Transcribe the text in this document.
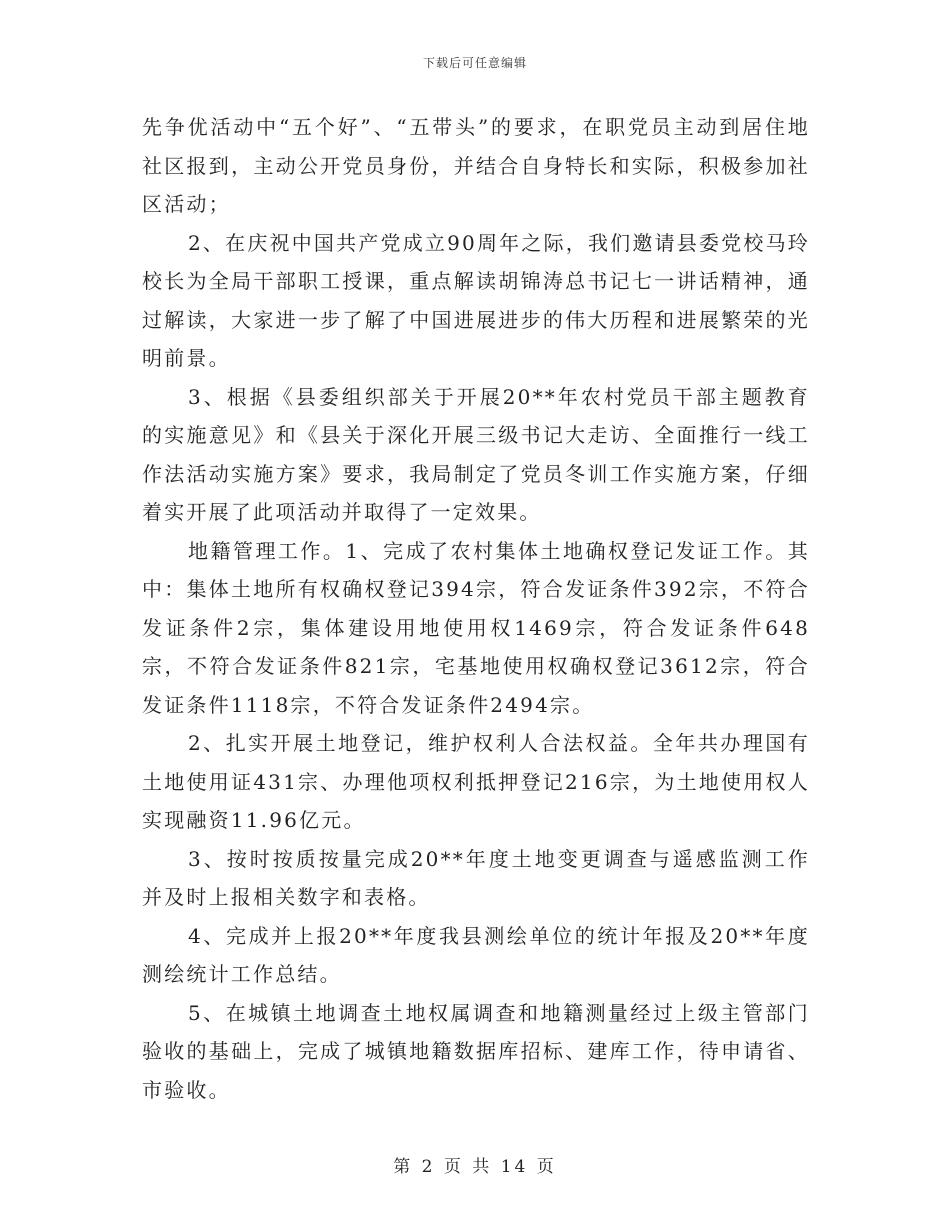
下载后可任意编辑

先争优活动中“五个好”、“五带头”的要求，在职党员主动到居住地社区报到，主动公开党员身份，并结合自身特长和实际，积极参加社区活动；

2、在庆祝中国共产党成立90周年之际，我们邀请县委党校马玲校长为全局干部职工授课，重点解读胡锦涛总书记七一讲话精神，通过解读，大家进一步了解了中国进展进步的伟大历程和进展繁荣的光明前景。

3、根据《县委组织部关于开展20**年农村党员干部主题教育的实施意见》和《县关于深化开展三级书记大走访、全面推行一线工作法活动实施方案》要求，我局制定了党员冬训工作实施方案，仔细着实开展了此项活动并取得了一定效果。

地籍管理工作。1、完成了农村集体土地确权登记发证工作。其中：集体土地所有权确权登记394宗，符合发证条件392宗，不符合发证条件2宗，集体建设用地使用权1469宗，符合发证条件648宗，不符合发证条件821宗，宅基地使用权确权登记3612宗，符合发证条件1118宗，不符合发证条件2494宗。

2、扎实开展土地登记，维护权利人合法权益。全年共办理国有土地使用证431宗、办理他项权利抵押登记216宗，为土地使用权人实现融资11.96亿元。

3、按时按质按量完成20**年度土地变更调查与遥感监测工作并及时上报相关数字和表格。

4、完成并上报20**年度我县测绘单位的统计年报及20**年度测绘统计工作总结。

5、在城镇土地调查土地权属调查和地籍测量经过上级主管部门验收的基础上，完成了城镇地籍数据库招标、建库工作，待申请省、市验收。

第 2 页 共 14 页
